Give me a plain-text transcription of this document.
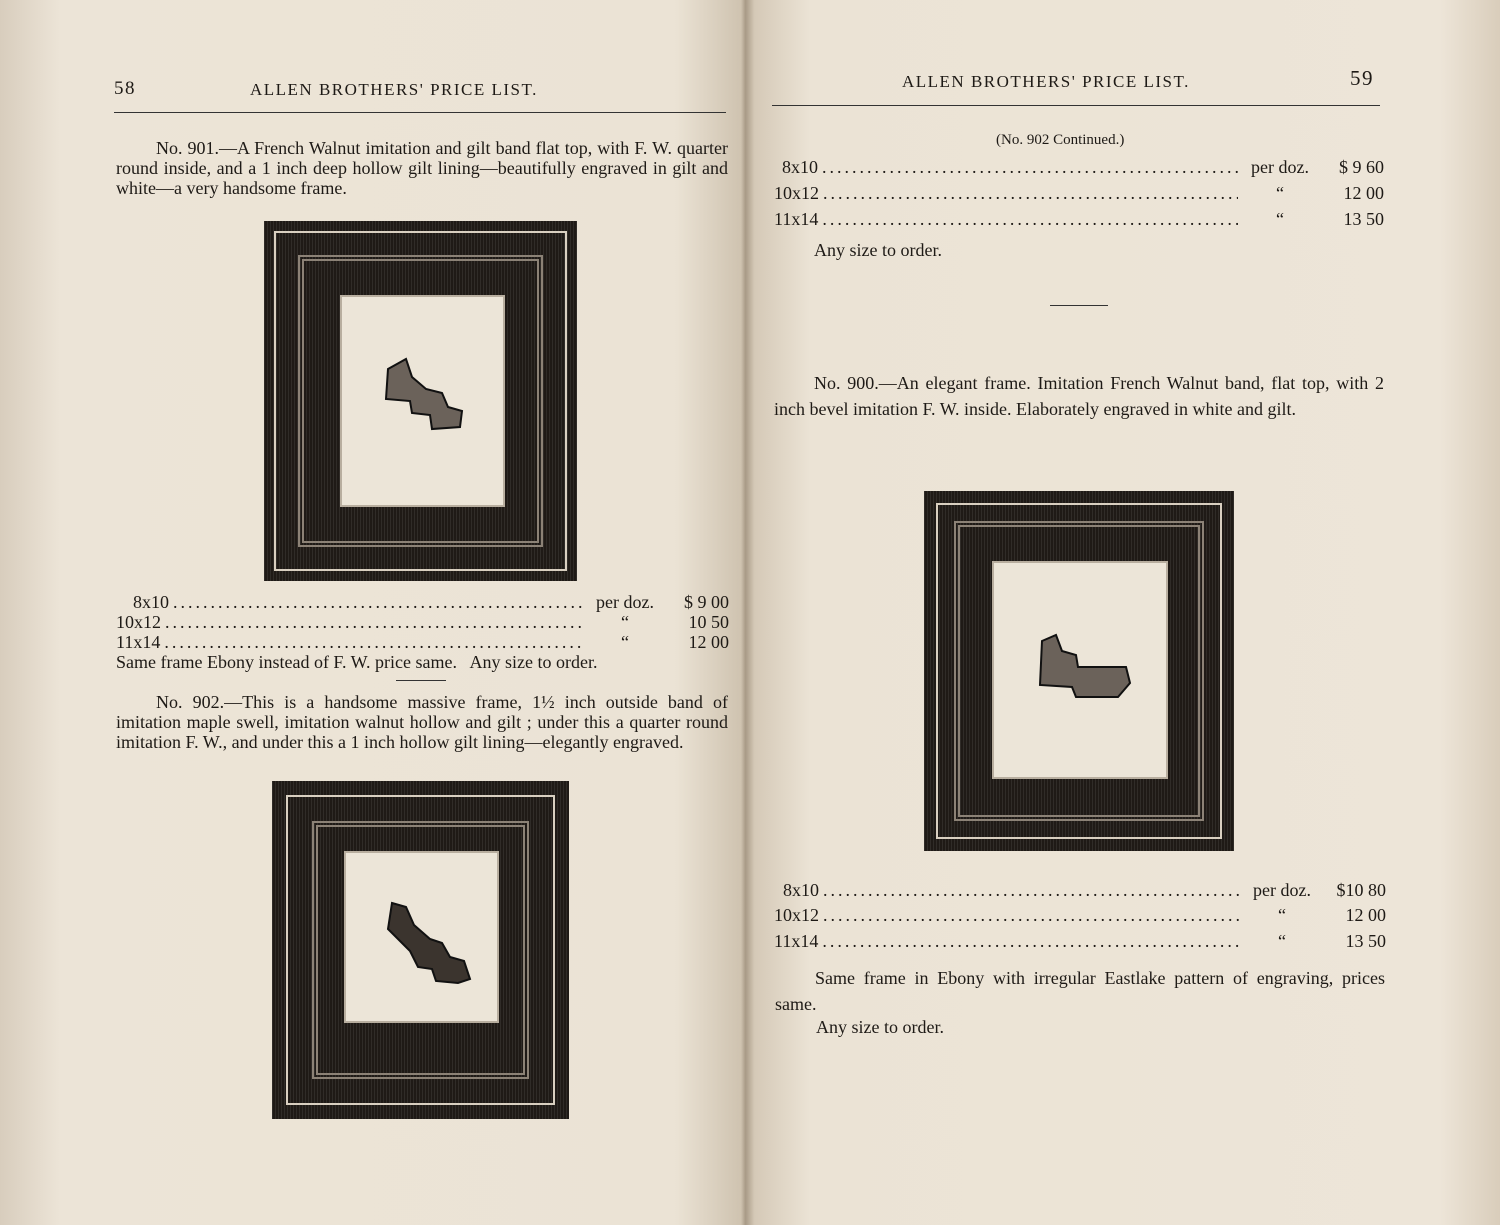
58	ALLEN BROTHERS' PRICE LIST.
No. 901.—A French Walnut imitation and gilt band flat top, with F. W. quarter round inside, and a 1 inch deep hollow gilt lining—beautifully engraved in gilt and white—a very handsome frame.
8x10 .....	per doz.	$ 9 00
10x12 .....	“	10 50
11x14 .....	“	12 00
Same frame Ebony instead of F. W. price same.   Any size to order.
No. 902.—This is a handsome massive frame, 1½ inch outside band of imitation maple swell, imitation walnut hollow and gilt ; under this a quarter round imitation F. W., and under this a 1 inch hollow gilt lining—elegantly engraved.
ALLEN BROTHERS' PRICE LIST.	59
(No. 902 Continued.)
8x10 .....	per doz.	$ 9 60
10x12 .....	“	12 00
11x14 .....	“	13 50
Any size to order.
No. 900.—An elegant frame. Imitation French Walnut band, flat top, with 2 inch bevel imitation F. W. inside. Elaborately engraved in white and gilt.
8x10 .....	per doz.	$10 80
10x12 .....	“	12 00
11x14 .....	“	13 50
Same frame in Ebony with irregular Eastlake pattern of engraving, prices same.
Any size to order.
